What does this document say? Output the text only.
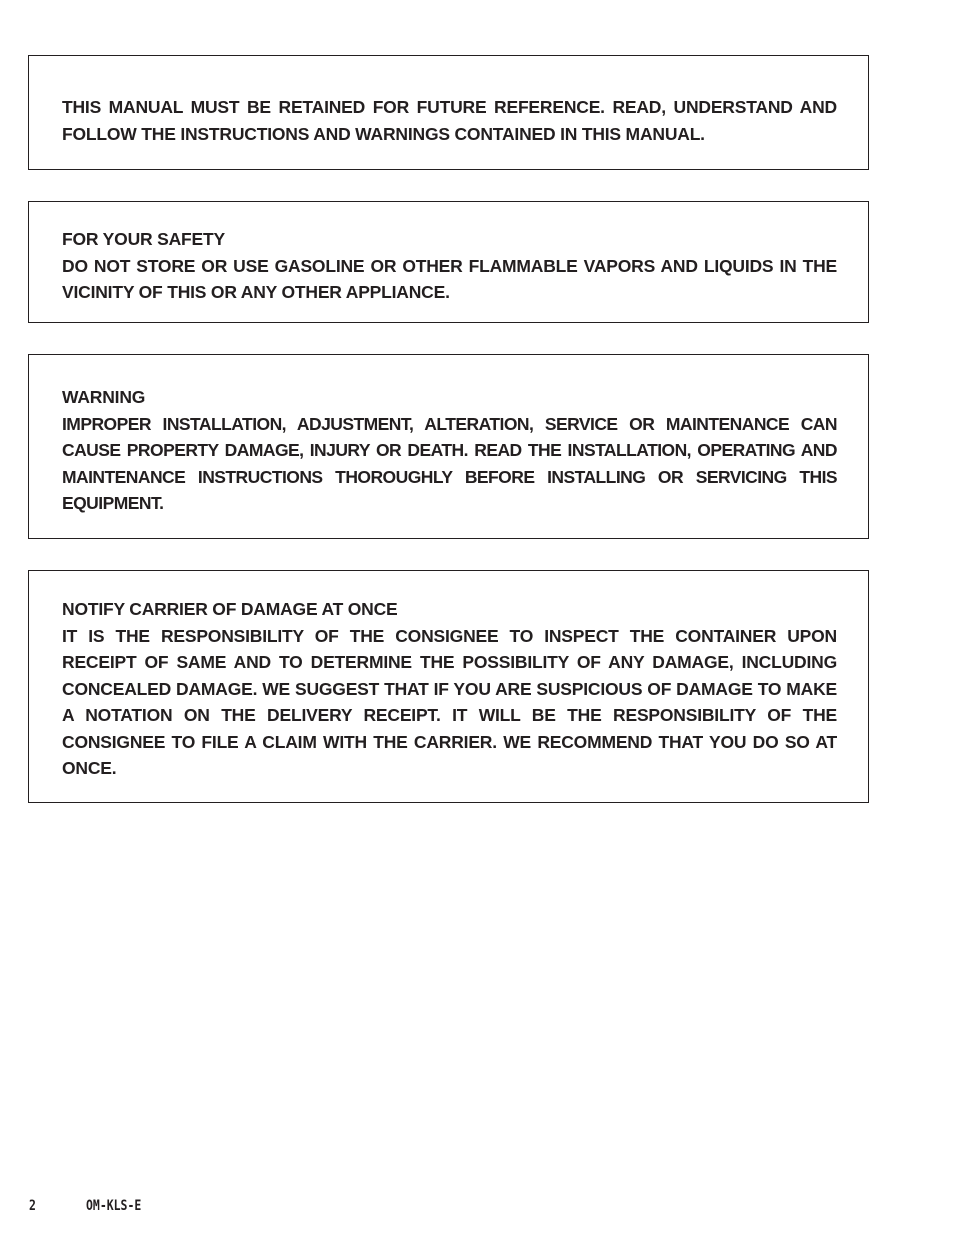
THIS MANUAL MUST BE RETAINED FOR FUTURE REFERENCE. READ, UNDERSTAND AND FOLLOW THE INSTRUCTIONS AND WARNINGS CONTAINED IN THIS MANUAL.

FOR YOUR SAFETY

DO NOT STORE OR USE GASOLINE OR OTHER FLAMMABLE VAPORS AND LIQUIDS IN THE VICINITY OF THIS OR ANY OTHER APPLIANCE.

WARNING

IMPROPER INSTALLATION, ADJUSTMENT, ALTERATION, SERVICE OR MAINTENANCE CAN CAUSE PROPERTY DAMAGE, INJURY OR DEATH. READ THE INSTALLATION, OPERATING AND MAINTENANCE INSTRUCTIONS THOROUGHLY BEFORE INSTALLING OR SERVICING THIS EQUIPMENT.

NOTIFY CARRIER OF DAMAGE AT ONCE

IT IS THE RESPONSIBILITY OF THE CONSIGNEE TO INSPECT THE CONTAINER UPON RECEIPT OF SAME AND TO DETERMINE THE POSSIBILITY OF ANY DAMAGE, INCLUDING CONCEALED DAMAGE. WE SUGGEST THAT IF YOU ARE SUSPICIOUS OF DAMAGE TO MAKE A NOTATION ON THE DELIVERY RECEIPT. IT WILL BE THE RESPONSIBILITY OF THE CONSIGNEE TO FILE A CLAIM WITH THE CARRIER. WE RECOMMEND THAT YOU DO SO AT ONCE.

2	OM-KLS-E
